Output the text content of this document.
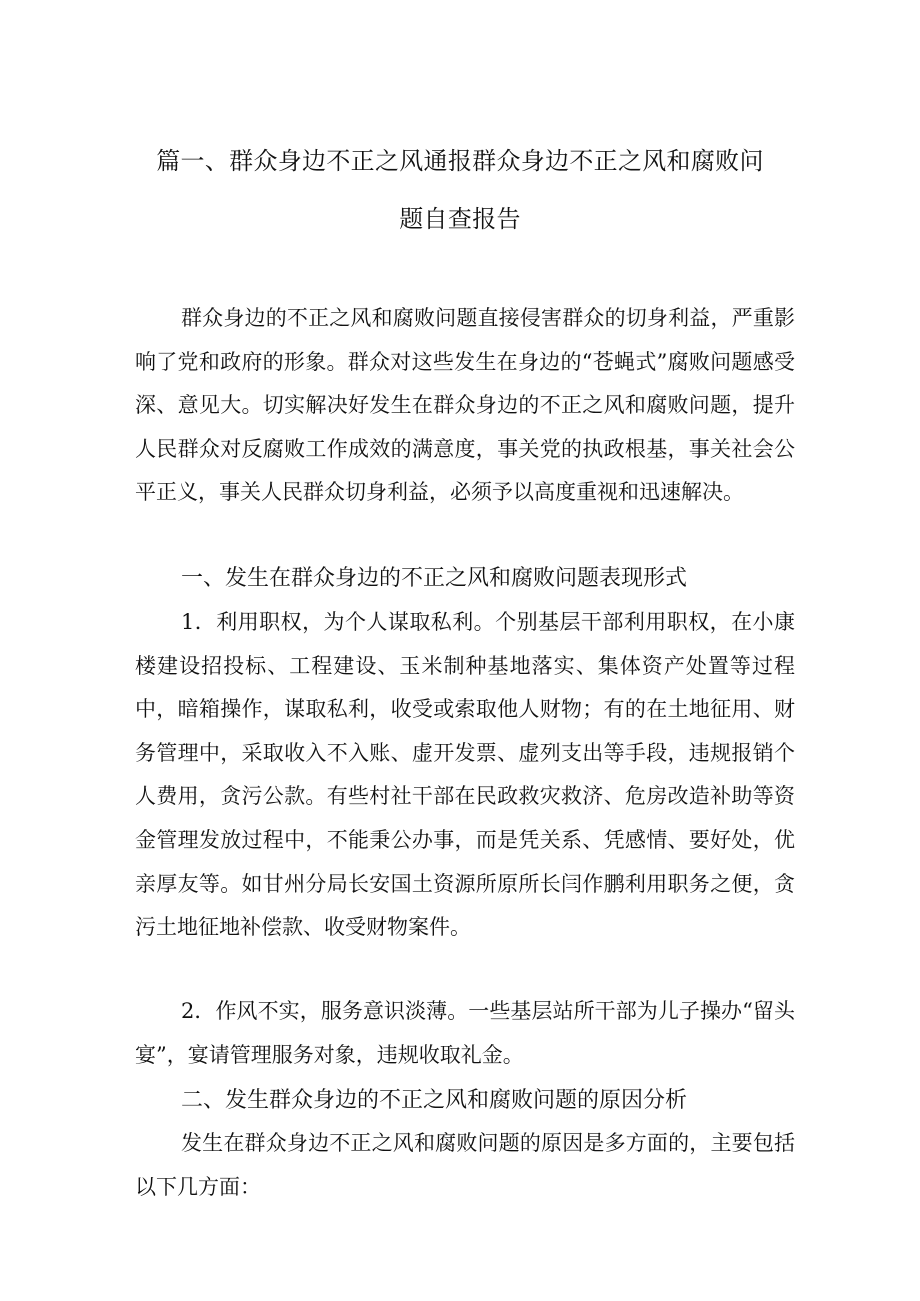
篇一、群众身边不正之风通报群众身边不正之风和腐败问
题自查报告

群众身边的不正之风和腐败问题直接侵害群众的切身利益，严重影响了党和政府的形象。群众对这些发生在身边的“苍蝇式”腐败问题感受深、意见大。切实解决好发生在群众身边的不正之风和腐败问题，提升人民群众对反腐败工作成效的满意度，事关党的执政根基，事关社会公平正义，事关人民群众切身利益，必须予以高度重视和迅速解决。

一、发生在群众身边的不正之风和腐败问题表现形式

1．利用职权，为个人谋取私利。个别基层干部利用职权，在小康楼建设招投标、工程建设、玉米制种基地落实、集体资产处置等过程中，暗箱操作，谋取私利，收受或索取他人财物；有的在土地征用、财务管理中，采取收入不入账、虚开发票、虚列支出等手段，违规报销个人费用，贪污公款。有些村社干部在民政救灾救济、危房改造补助等资金管理发放过程中，不能秉公办事，而是凭关系、凭感情、要好处，优亲厚友等。如甘州分局长安国土资源所原所长闫作鹏利用职务之便，贪污土地征地补偿款、收受财物案件。

2．作风不实，服务意识淡薄。一些基层站所干部为儿子操办“留头宴”，宴请管理服务对象，违规收取礼金。

二、发生群众身边的不正之风和腐败问题的原因分析

发生在群众身边不正之风和腐败问题的原因是多方面的，主要包括以下几方面：
